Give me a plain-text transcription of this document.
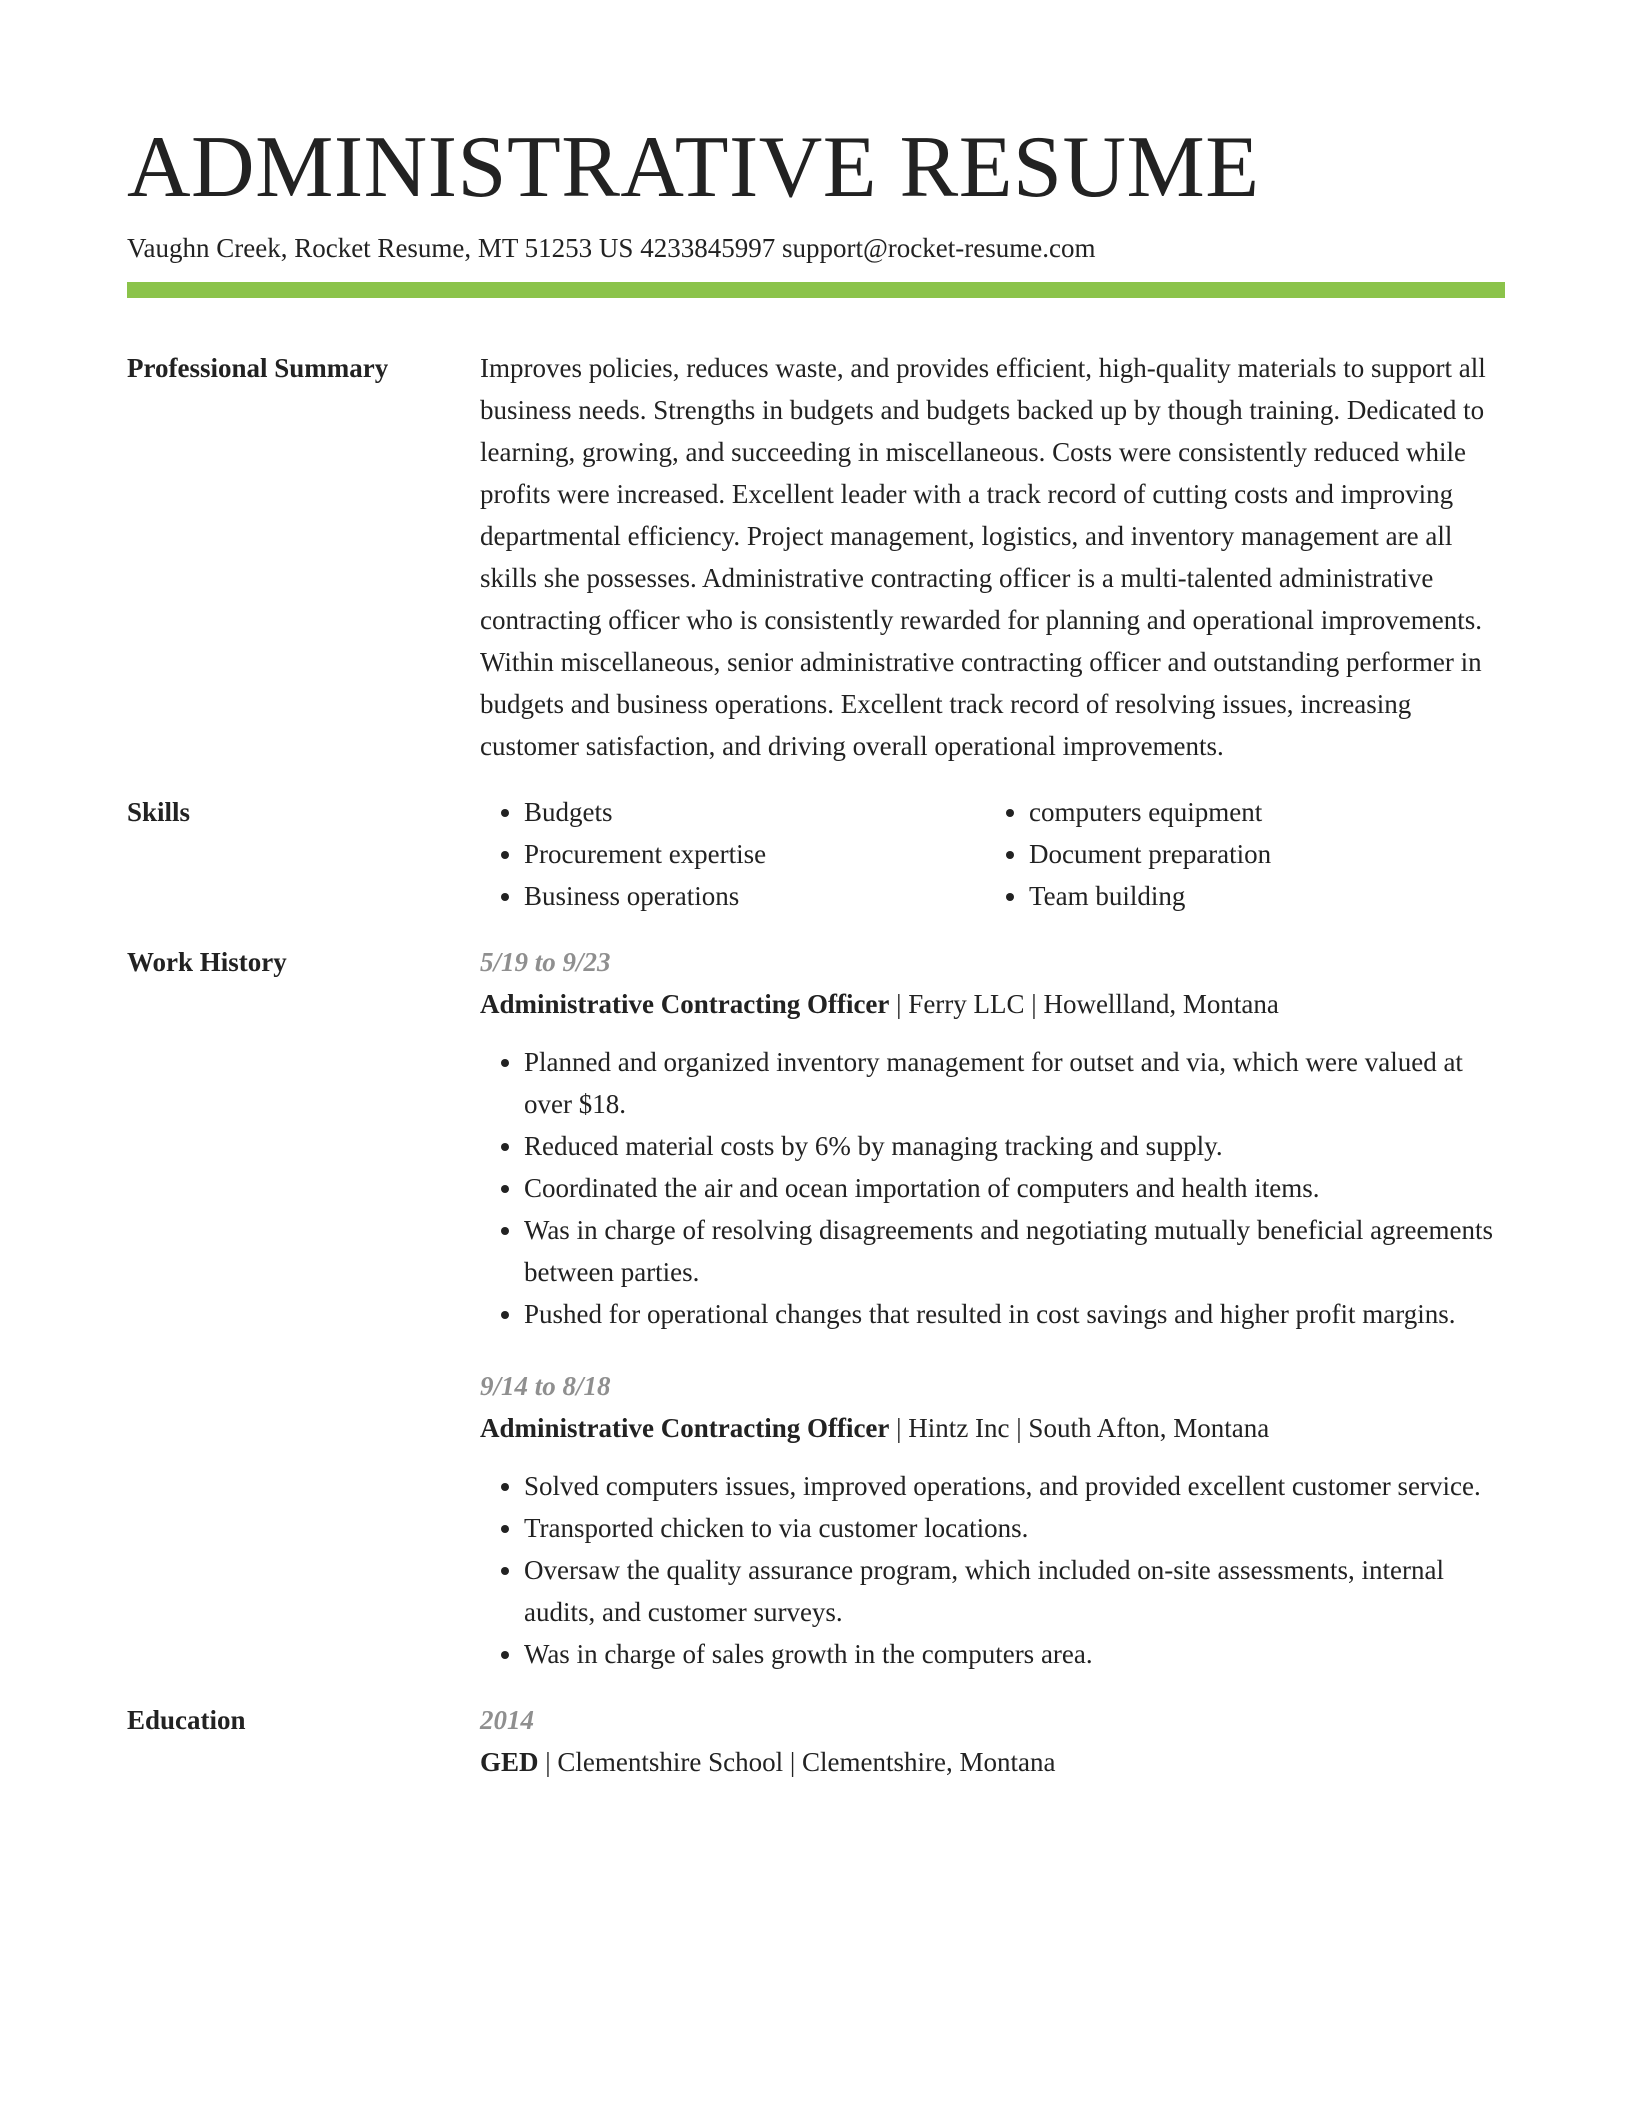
ADMINISTRATIVE RESUME
Vaughn Creek, Rocket Resume, MT 51253 US 4233845997 support@rocket-resume.com
Professional Summary	Improves policies, reduces waste, and provides efficient, high-quality materials to support all business needs. Strengths in budgets and budgets backed up by though training. Dedicated to learning, growing, and succeeding in miscellaneous. Costs were consistently reduced while profits were increased. Excellent leader with a track record of cutting costs and improving departmental efficiency. Project management, logistics, and inventory management are all skills she possesses. Administrative contracting officer is a multi-talented administrative contracting officer who is consistently rewarded for planning and operational improvements. Within miscellaneous, senior administrative contracting officer and outstanding performer in budgets and business operations. Excellent track record of resolving issues, increasing customer satisfaction, and driving overall operational improvements.

Skills
•	Budgets
• Procurement expertise
• Business operations
• computers equipment
• Document preparation
• Team building
Work History	5/19 to 9/23
Administrative Contracting Officer | Ferry LLC | Howellland, Montana
• Planned and organized inventory management for outset and via, which were valued at over $18.
• Reduced material costs by 6% by managing tracking and supply.
• Coordinated the air and ocean importation of computers and health items.
• Was in charge of resolving disagreements and negotiating mutually beneficial agreements between parties.
• Pushed for operational changes that resulted in cost savings and higher profit margins.
9/14 to 8/18
Administrative Contracting Officer | Hintz Inc | South Afton, Montana
• Solved computers issues, improved operations, and provided excellent customer service.
• Transported chicken to via customer locations.
• Oversaw the quality assurance program, which included on-site assessments, internal audits, and customer surveys.
• Was in charge of sales growth in the computers area.
Education	2014
GED | Clementshire School | Clementshire, Montana
